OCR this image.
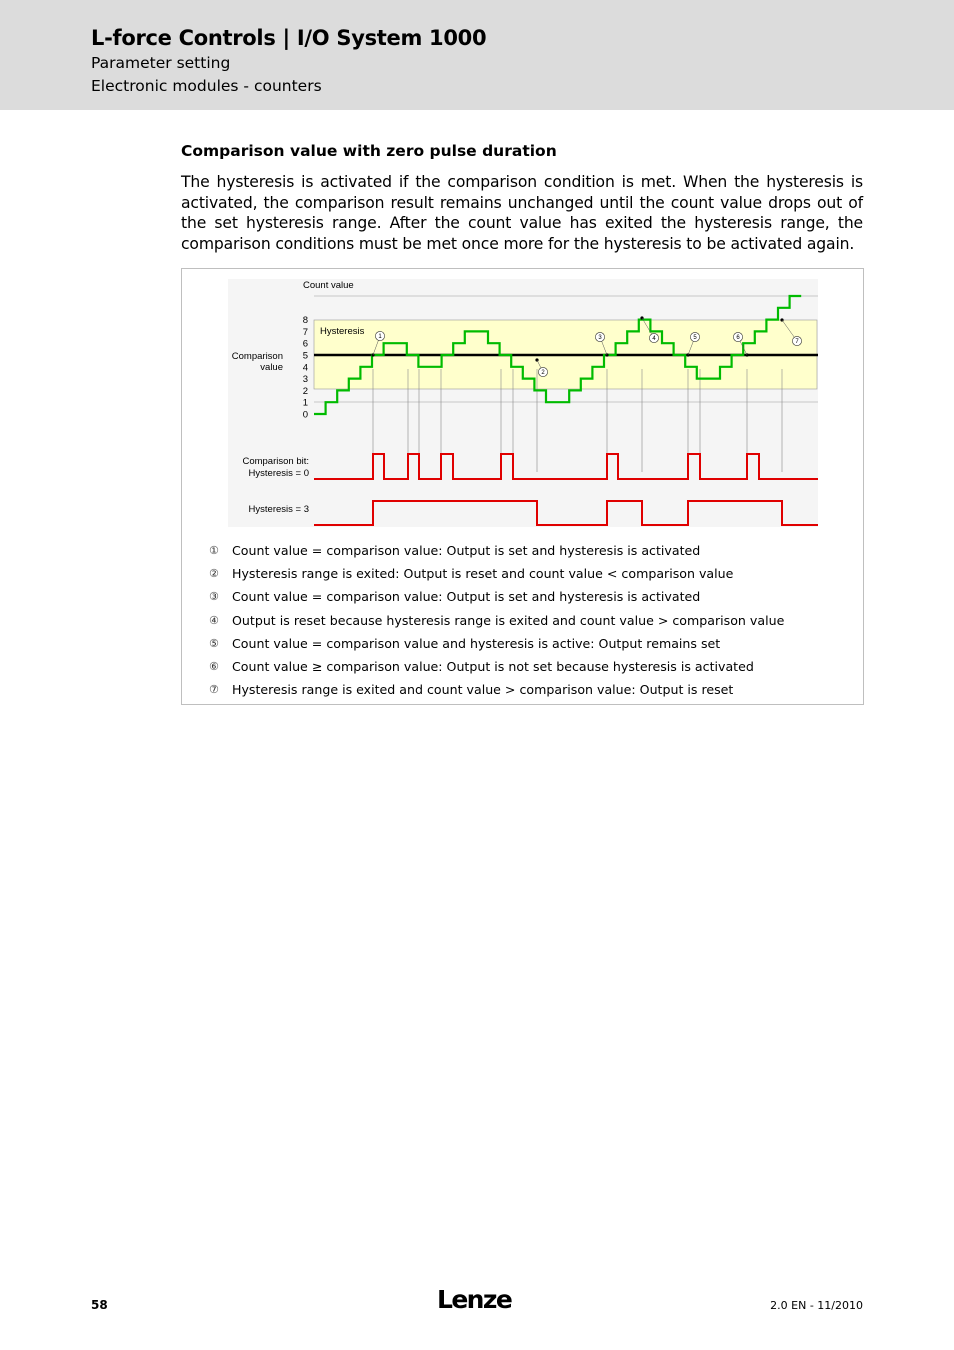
L-force Controls | I/O System 1000
Parameter setting
Electronic modules - counters
Comparison value with zero pulse duration
The hysteresis is activated if the comparison condition is met. When the hysteresis is activated, the comparison result remains unchanged until the count value drops out of the set hysteresis range. After the count value has exited the hysteresis range, the comparison conditions must be met once more for the hysteresis to be activated again.
Count value
Hysteresis
Comparison
value
Comparison bit:
Hysteresis = 0
Hysteresis = 3
8
7
6
5
4
3
2
1
0
1
2
3	4	5	6
7
①	Count value = comparison value: Output is set and hysteresis is activated
②	Hysteresis range is exited: Output is reset and count value < comparison value
③	Count value = comparison value: Output is set and hysteresis is activated
④	Output is reset because hysteresis range is exited and count value > comparison value
⑤	Count value = comparison value and hysteresis is active: Output remains set
⑥	Count value ≥ comparison value: Output is not set because hysteresis is activated
⑦	Hysteresis range is exited and count value > comparison value: Output is reset
58	Lenze	2.0 EN - 11/2010
